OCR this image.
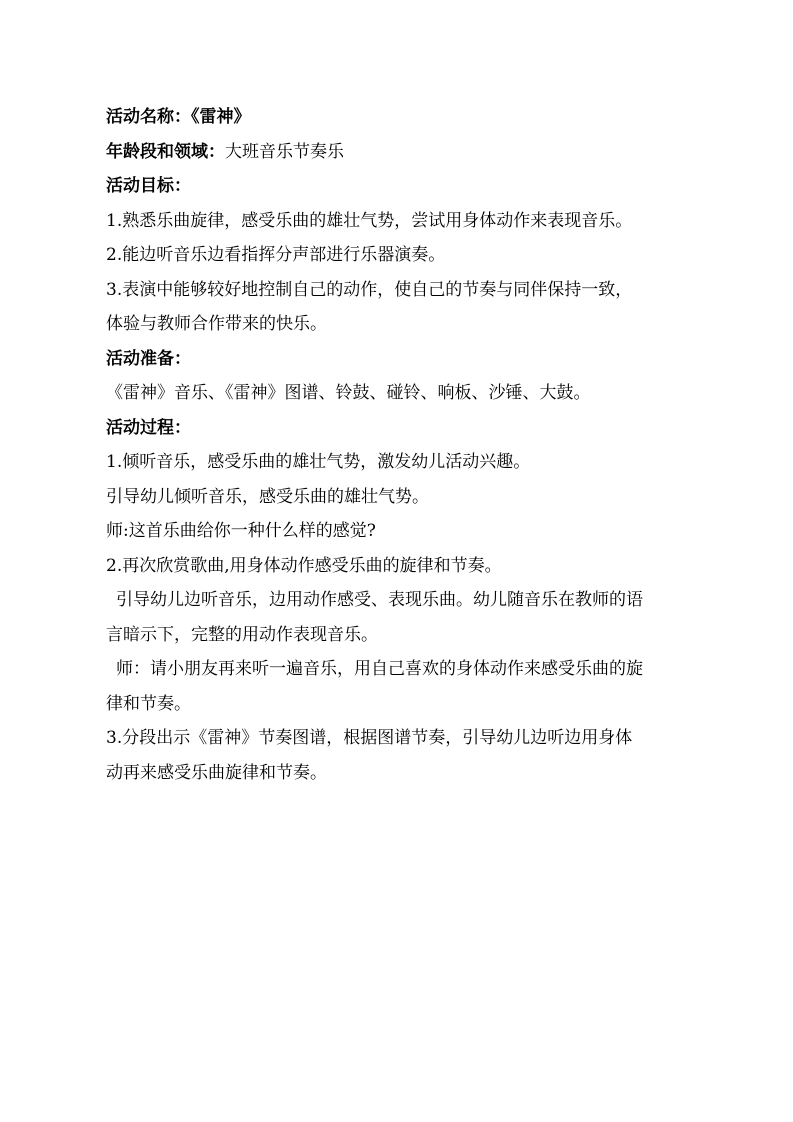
活动名称：《雷神》

年龄段和领域：大班音乐节奏乐

活动目标：

1.熟悉乐曲旋律，感受乐曲的雄壮气势，尝试用身体动作来表现音乐。

2.能边听音乐边看指挥分声部进行乐器演奏。

3.表演中能够较好地控制自己的动作，使自己的节奏与同伴保持一致，
体验与教师合作带来的快乐。

活动准备：

《雷神》音乐、《雷神》图谱、铃鼓、碰铃、响板、沙锤、大鼓。

活动过程：

1.倾听音乐，感受乐曲的雄壮气势，激发幼儿活动兴趣。

引导幼儿倾听音乐，感受乐曲的雄壮气势。

师:这首乐曲给你一种什么样的感觉?

2.再次欣赏歌曲,用身体动作感受乐曲的旋律和节奏。

引导幼儿边听音乐，边用动作感受、表现乐曲。幼儿随音乐在教师的语
言暗示下，完整的用动作表现音乐。
师：请小朋友再来听一遍音乐，用自己喜欢的身体动作来感受乐曲的旋
律和节奏。
3.分段出示《雷神》节奏图谱，根据图谱节奏，引导幼儿边听边用身体
动再来感受乐曲旋律和节奏。
